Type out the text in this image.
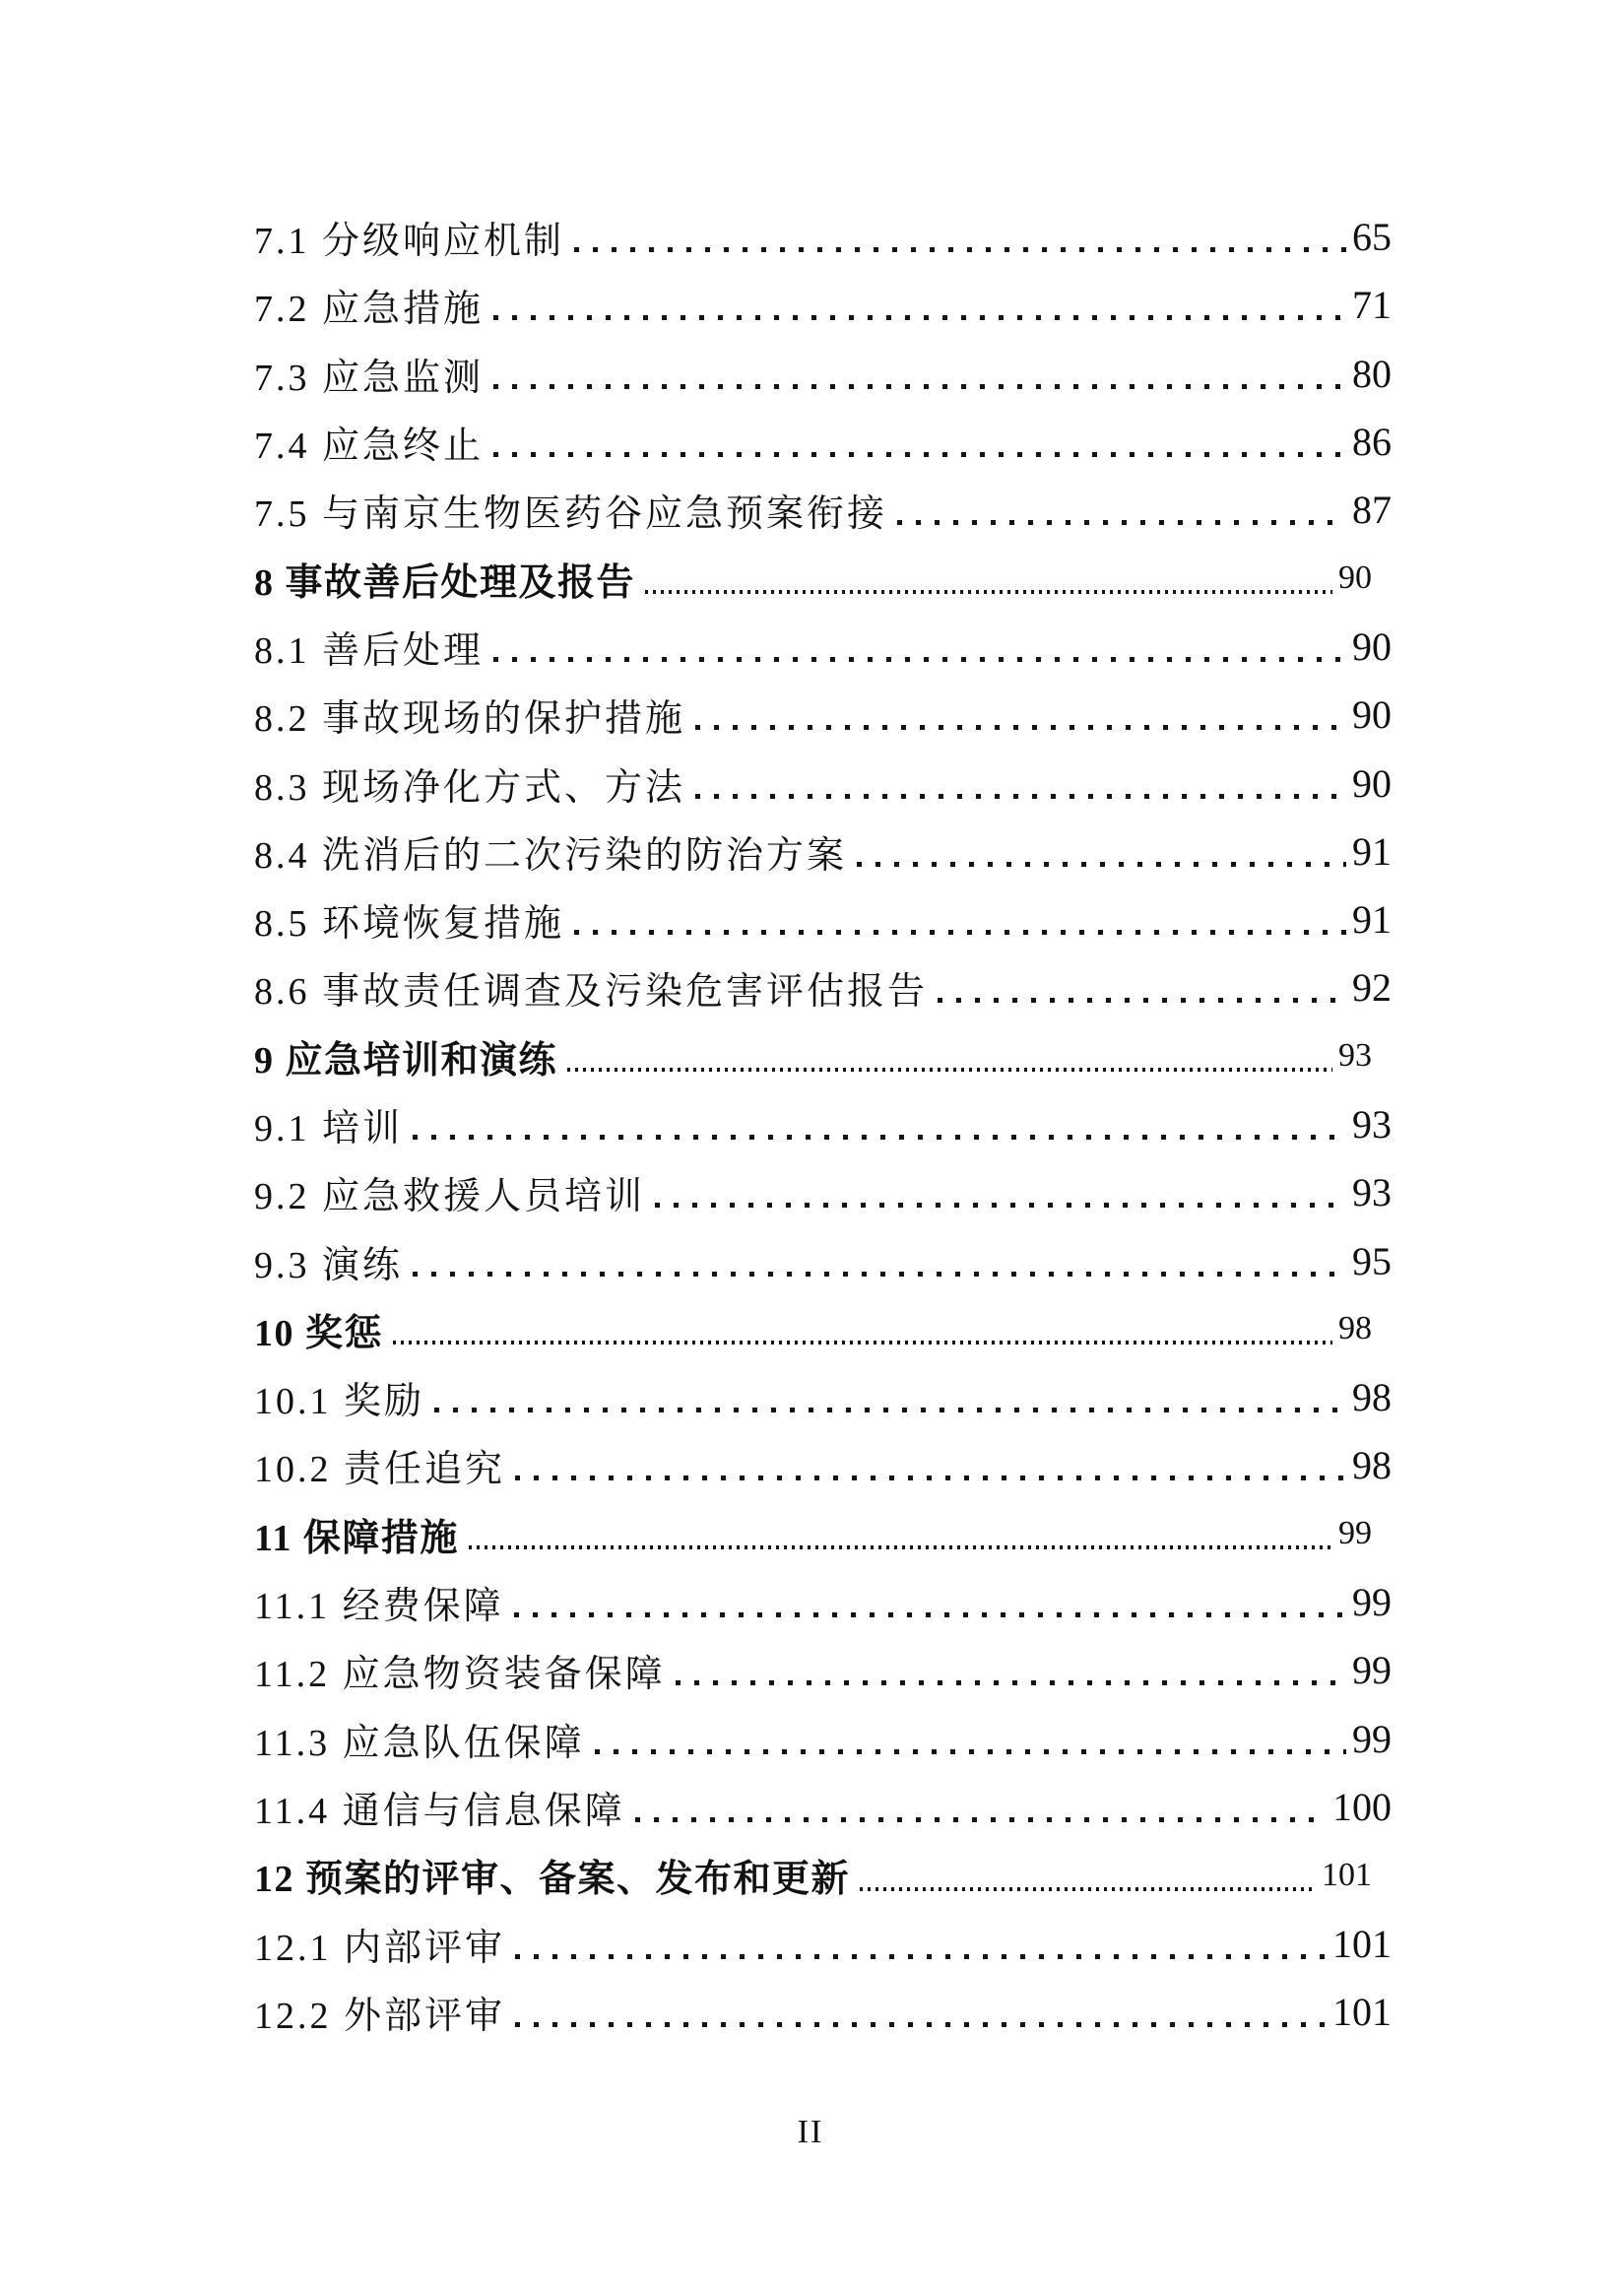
7.1 分级响应机制	65
7.2 应急措施	71
7.3 应急监测	80
7.4 应急终止	86
7.5 与南京生物医药谷应急预案衔接	87
8 事故善后处理及报告	90
8.1 善后处理	90
8.2 事故现场的保护措施	90
8.3 现场净化方式、方法	90
8.4 洗消后的二次污染的防治方案	91
8.5 环境恢复措施	91
8.6 事故责任调查及污染危害评估报告	92
9 应急培训和演练	93
9.1 培训	93
9.2 应急救援人员培训	93
9.3 演练	95
10 奖惩	98
10.1 奖励	98
10.2 责任追究	98
11 保障措施	99
11.1 经费保障	99
11.2 应急物资装备保障	99
11.3 应急队伍保障	99
11.4 通信与信息保障	100
12 预案的评审、备案、发布和更新	101
12.1 内部评审	101
12.2 外部评审	101
II
